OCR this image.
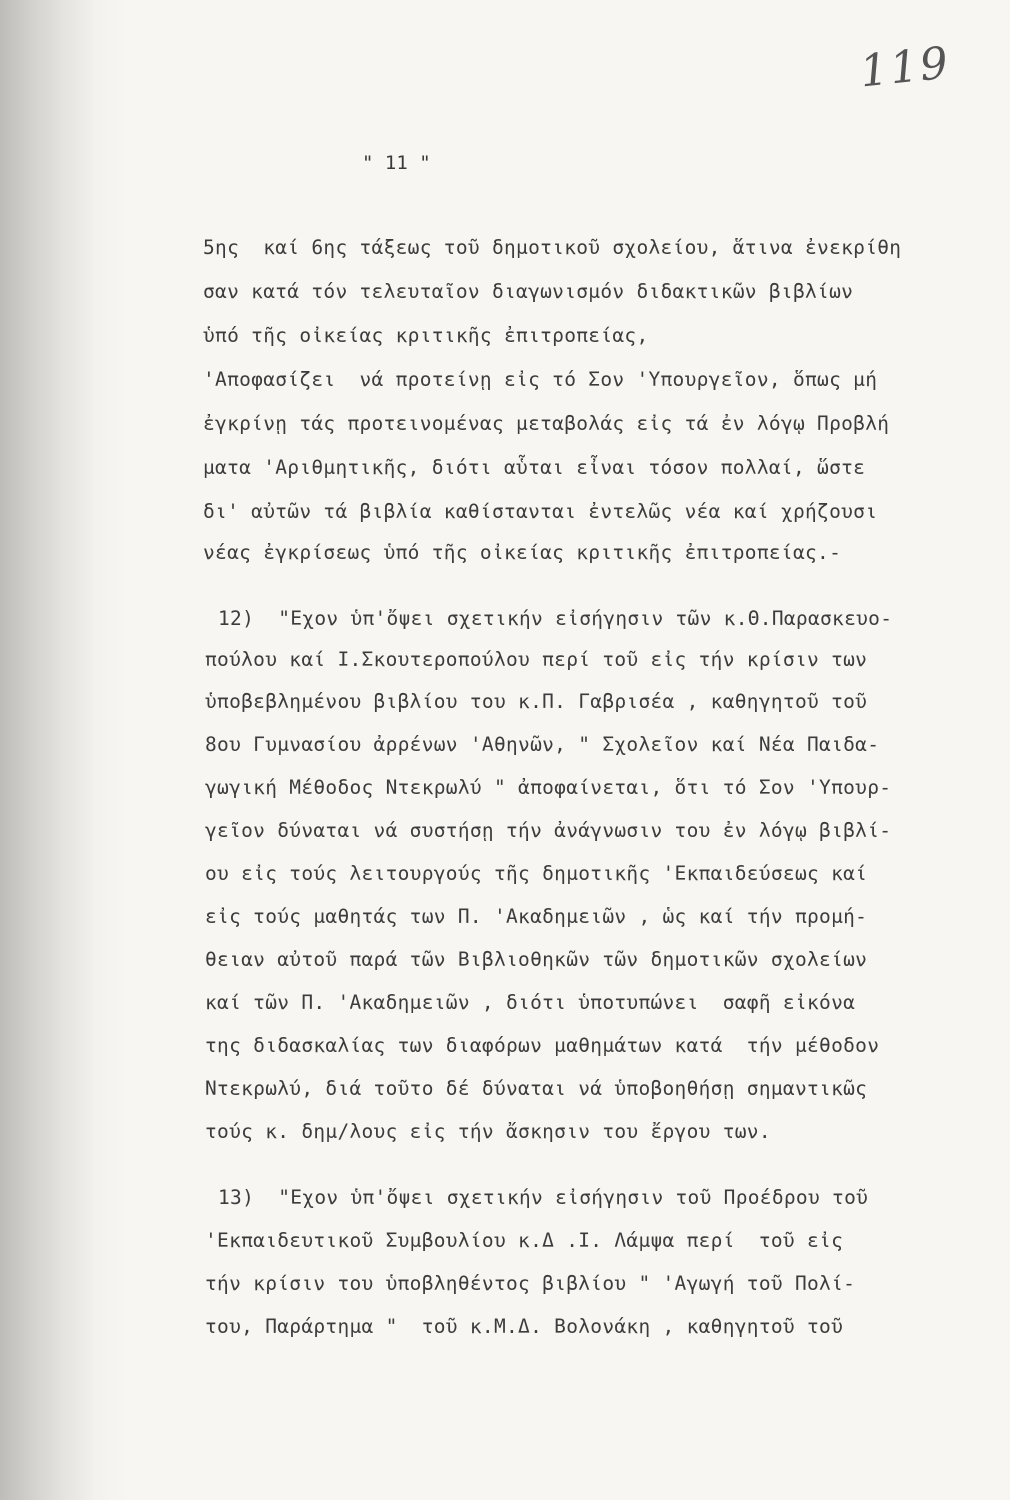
119
" 11 "
5ης  καί 6ης τάξεως τοῦ δημοτικοῦ σχολείου, ἅτινα ἐνεκρίθη
σαν κατά τόν τελευταῖον διαγωνισμόν διδακτικῶν βιβλίων
ὑπό τῆς οἰκείας κριτικῆς ἐπιτροπείας,
'Αποφασίζει  νά προτείνῃ εἰς τό Σον 'Υπουργεῖον, ὅπως μή
ἐγκρίνῃ τάς προτεινομένας μεταβολάς εἰς τά ἐν λόγῳ Προβλή
ματα 'Αριθμητικῆς, διότι αὗται εἶναι τόσον πολλαί, ὥστε
δι' αὐτῶν τά βιβλία καθίστανται ἐντελῶς νέα καί χρήζουσι
νέας ἐγκρίσεως ὑπό τῆς οἰκείας κριτικῆς ἐπιτροπείας.-
12)  "Εχον ὑπ'ὄψει σχετικήν εἰσήγησιν τῶν κ.Θ.Παρασκευο-
πούλου καί Ι.Σκουτεροπούλου περί τοῦ εἰς τήν κρίσιν των
ὑποβεβλημένου βιβλίου του κ.Π. Γαβρισέα , καθηγητοῦ τοῦ
8ου Γυμνασίου ἀρρένων 'Αθηνῶν, " Σχολεῖον καί Νέα Παιδα-
γωγική Μέθοδος Ντεκρωλύ " ἀποφαίνεται, ὅτι τό Σον 'Υπουρ-
γεῖον δύναται νά συστήσῃ τήν ἀνάγνωσιν του ἐν λόγῳ βιβλί-
ου εἰς τούς λειτουργούς τῆς δημοτικῆς 'Εκπαιδεύσεως καί
εἰς τούς μαθητάς των Π. 'Ακαδημειῶν , ὡς καί τήν προμή-
θειαν αὐτοῦ παρά τῶν Βιβλιοθηκῶν τῶν δημοτικῶν σχολείων
καί τῶν Π. 'Ακαδημειῶν , διότι ὑποτυπώνει  σαφῆ εἰκόνα
της διδασκαλίας των διαφόρων μαθημάτων κατά  τήν μέθοδον
Ντεκρωλύ, διά τοῦτο δέ δύναται νά ὑποβοηθήσῃ σημαντικῶς
τούς κ. δημ/λους εἰς τήν ἄσκησιν του ἔργου των.
13)  "Εχον ὑπ'ὄψει σχετικήν εἰσήγησιν τοῦ Προέδρου τοῦ
'Εκπαιδευτικοῦ Συμβουλίου κ.Δ .Ι. Λάμψα περί  τοῦ εἰς
τήν κρίσιν του ὑποβληθέντος βιβλίου " 'Αγωγή τοῦ Πολί-
του, Παράρτημα "  τοῦ κ.Μ.Δ. Βολονάκη , καθηγητοῦ τοῦ
